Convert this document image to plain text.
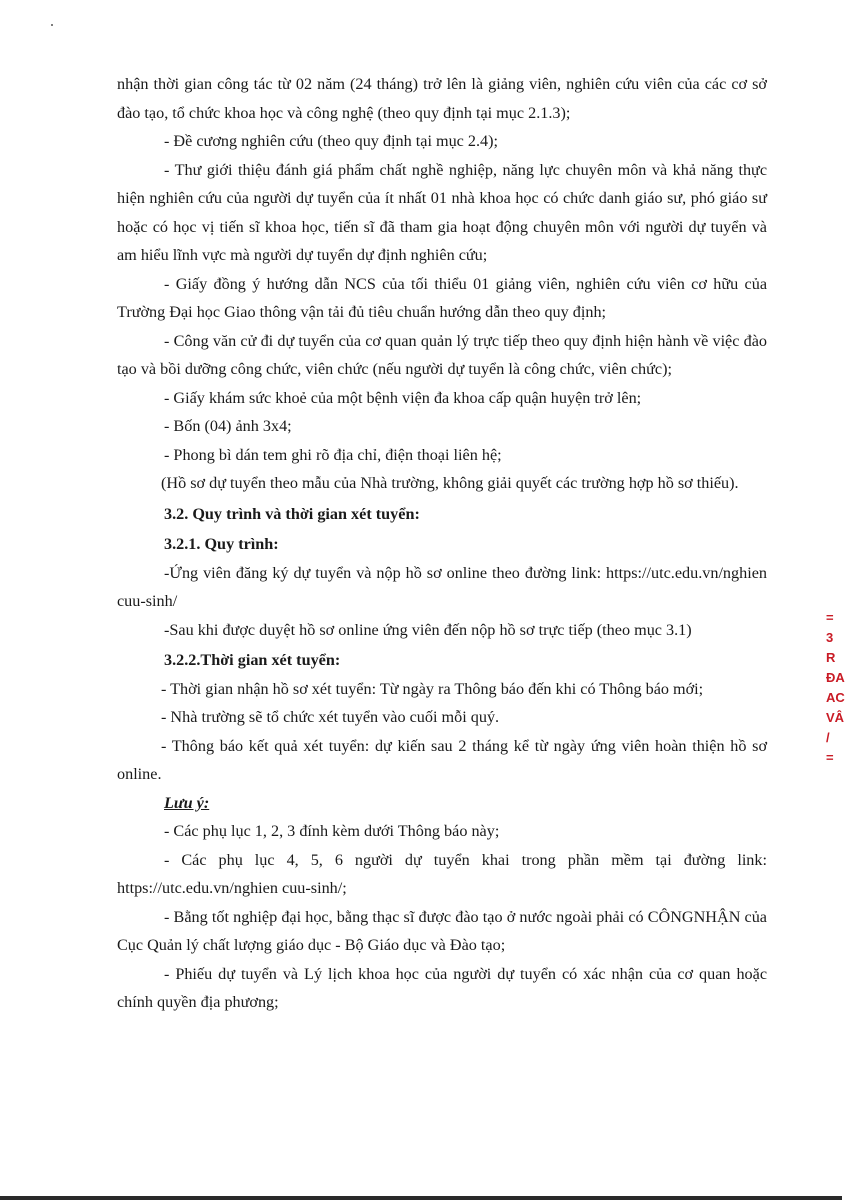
nhận thời gian công tác từ 02 năm (24 tháng) trở lên là giảng viên, nghiên cứu viên của các cơ sở đào tạo, tổ chức khoa học và công nghệ (theo quy định tại mục 2.1.3);

- Đề cương nghiên cứu (theo quy định tại mục 2.4);

- Thư giới thiệu đánh giá phẩm chất nghề nghiệp, năng lực chuyên môn và khả năng thực hiện nghiên cứu của người dự tuyển của ít nhất 01 nhà khoa học có chức danh giáo sư, phó giáo sư hoặc có học vị tiến sĩ khoa học, tiến sĩ đã tham gia hoạt động chuyên môn với người dự tuyển và am hiểu lĩnh vực mà người dự tuyển dự định nghiên cứu;

- Giấy đồng ý hướng dẫn NCS của tối thiểu 01 giảng viên, nghiên cứu viên cơ hữu của Trường Đại học Giao thông vận tải đủ tiêu chuẩn hướng dẫn theo quy định;

- Công văn cử đi dự tuyển của cơ quan quản lý trực tiếp theo quy định hiện hành về việc đào tạo và bồi dưỡng công chức, viên chức (nếu người dự tuyển là công chức, viên chức);

- Giấy khám sức khoẻ của một bệnh viện đa khoa cấp quận huyện trở lên;

- Bốn (04) ảnh 3x4;

- Phong bì dán tem ghi rõ địa chỉ, điện thoại liên hệ;

(Hồ sơ dự tuyển theo mẫu của Nhà trường, không giải quyết các trường hợp hồ sơ thiếu).

3.2. Quy trình và thời gian xét tuyển:

3.2.1. Quy trình:

-Ứng viên đăng ký dự tuyển và nộp hồ sơ online theo đường link: https://utc.edu.vn/nghien cuu-sinh/

-Sau khi được duyệt hồ sơ online ứng viên đến nộp hồ sơ trực tiếp (theo mục 3.1)

3.2.2.Thời gian xét tuyển:

- Thời gian nhận hồ sơ xét tuyển: Từ ngày ra Thông báo đến khi có Thông báo mới;

- Nhà trường sẽ tổ chức xét tuyển vào cuối mỗi quý.

- Thông báo kết quả xét tuyển: dự kiến sau 2 tháng kể từ ngày ứng viên hoàn thiện hồ sơ online.

Lưu ý:

- Các phụ lục 1, 2, 3 đính kèm dưới Thông báo này;

- Các phụ lục 4, 5, 6 người dự tuyển khai trong phần mềm tại đường link: https://utc.edu.vn/nghien cuu-sinh/;

- Bằng tốt nghiệp đại học, bằng thạc sĩ được đào tạo ở nước ngoài phải có CÔNGNHẬN của Cục Quản lý chất lượng giáo dục - Bộ Giáo dục và Đào tạo;

- Phiếu dự tuyển và Lý lịch khoa học của người dự tuyển có xác nhận của cơ quan hoặc chính quyền địa phương;

=
3
R
ĐA
AC
VÂ
/
=
